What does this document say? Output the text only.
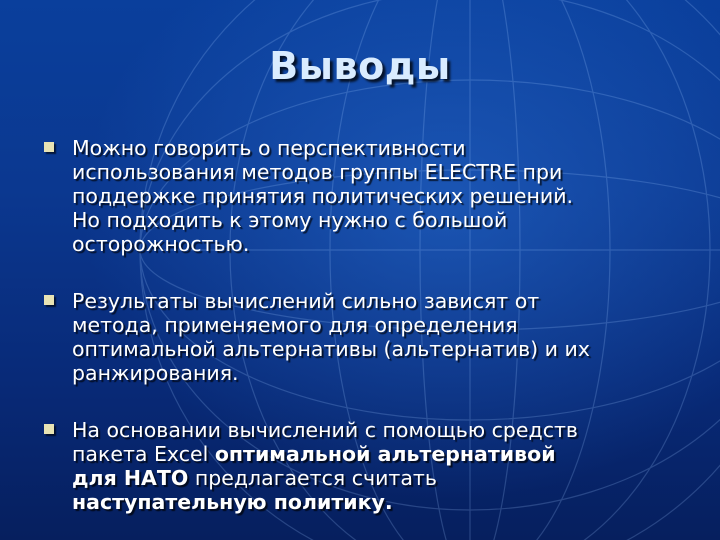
Выводы
Можно говорить о перспективности
использования методов группы ELECTRE при
поддержке принятия политических решений.
Но подходить к этому нужно с большой
осторожностью.
Результаты вычислений сильно зависят от
метода, применяемого для определения
оптимальной альтернативы (альтернатив) и их
ранжирования.
На основании вычислений с помощью средств
пакета Excel оптимальной альтернативой
для НАТО предлагается считать
наступательную политику.
